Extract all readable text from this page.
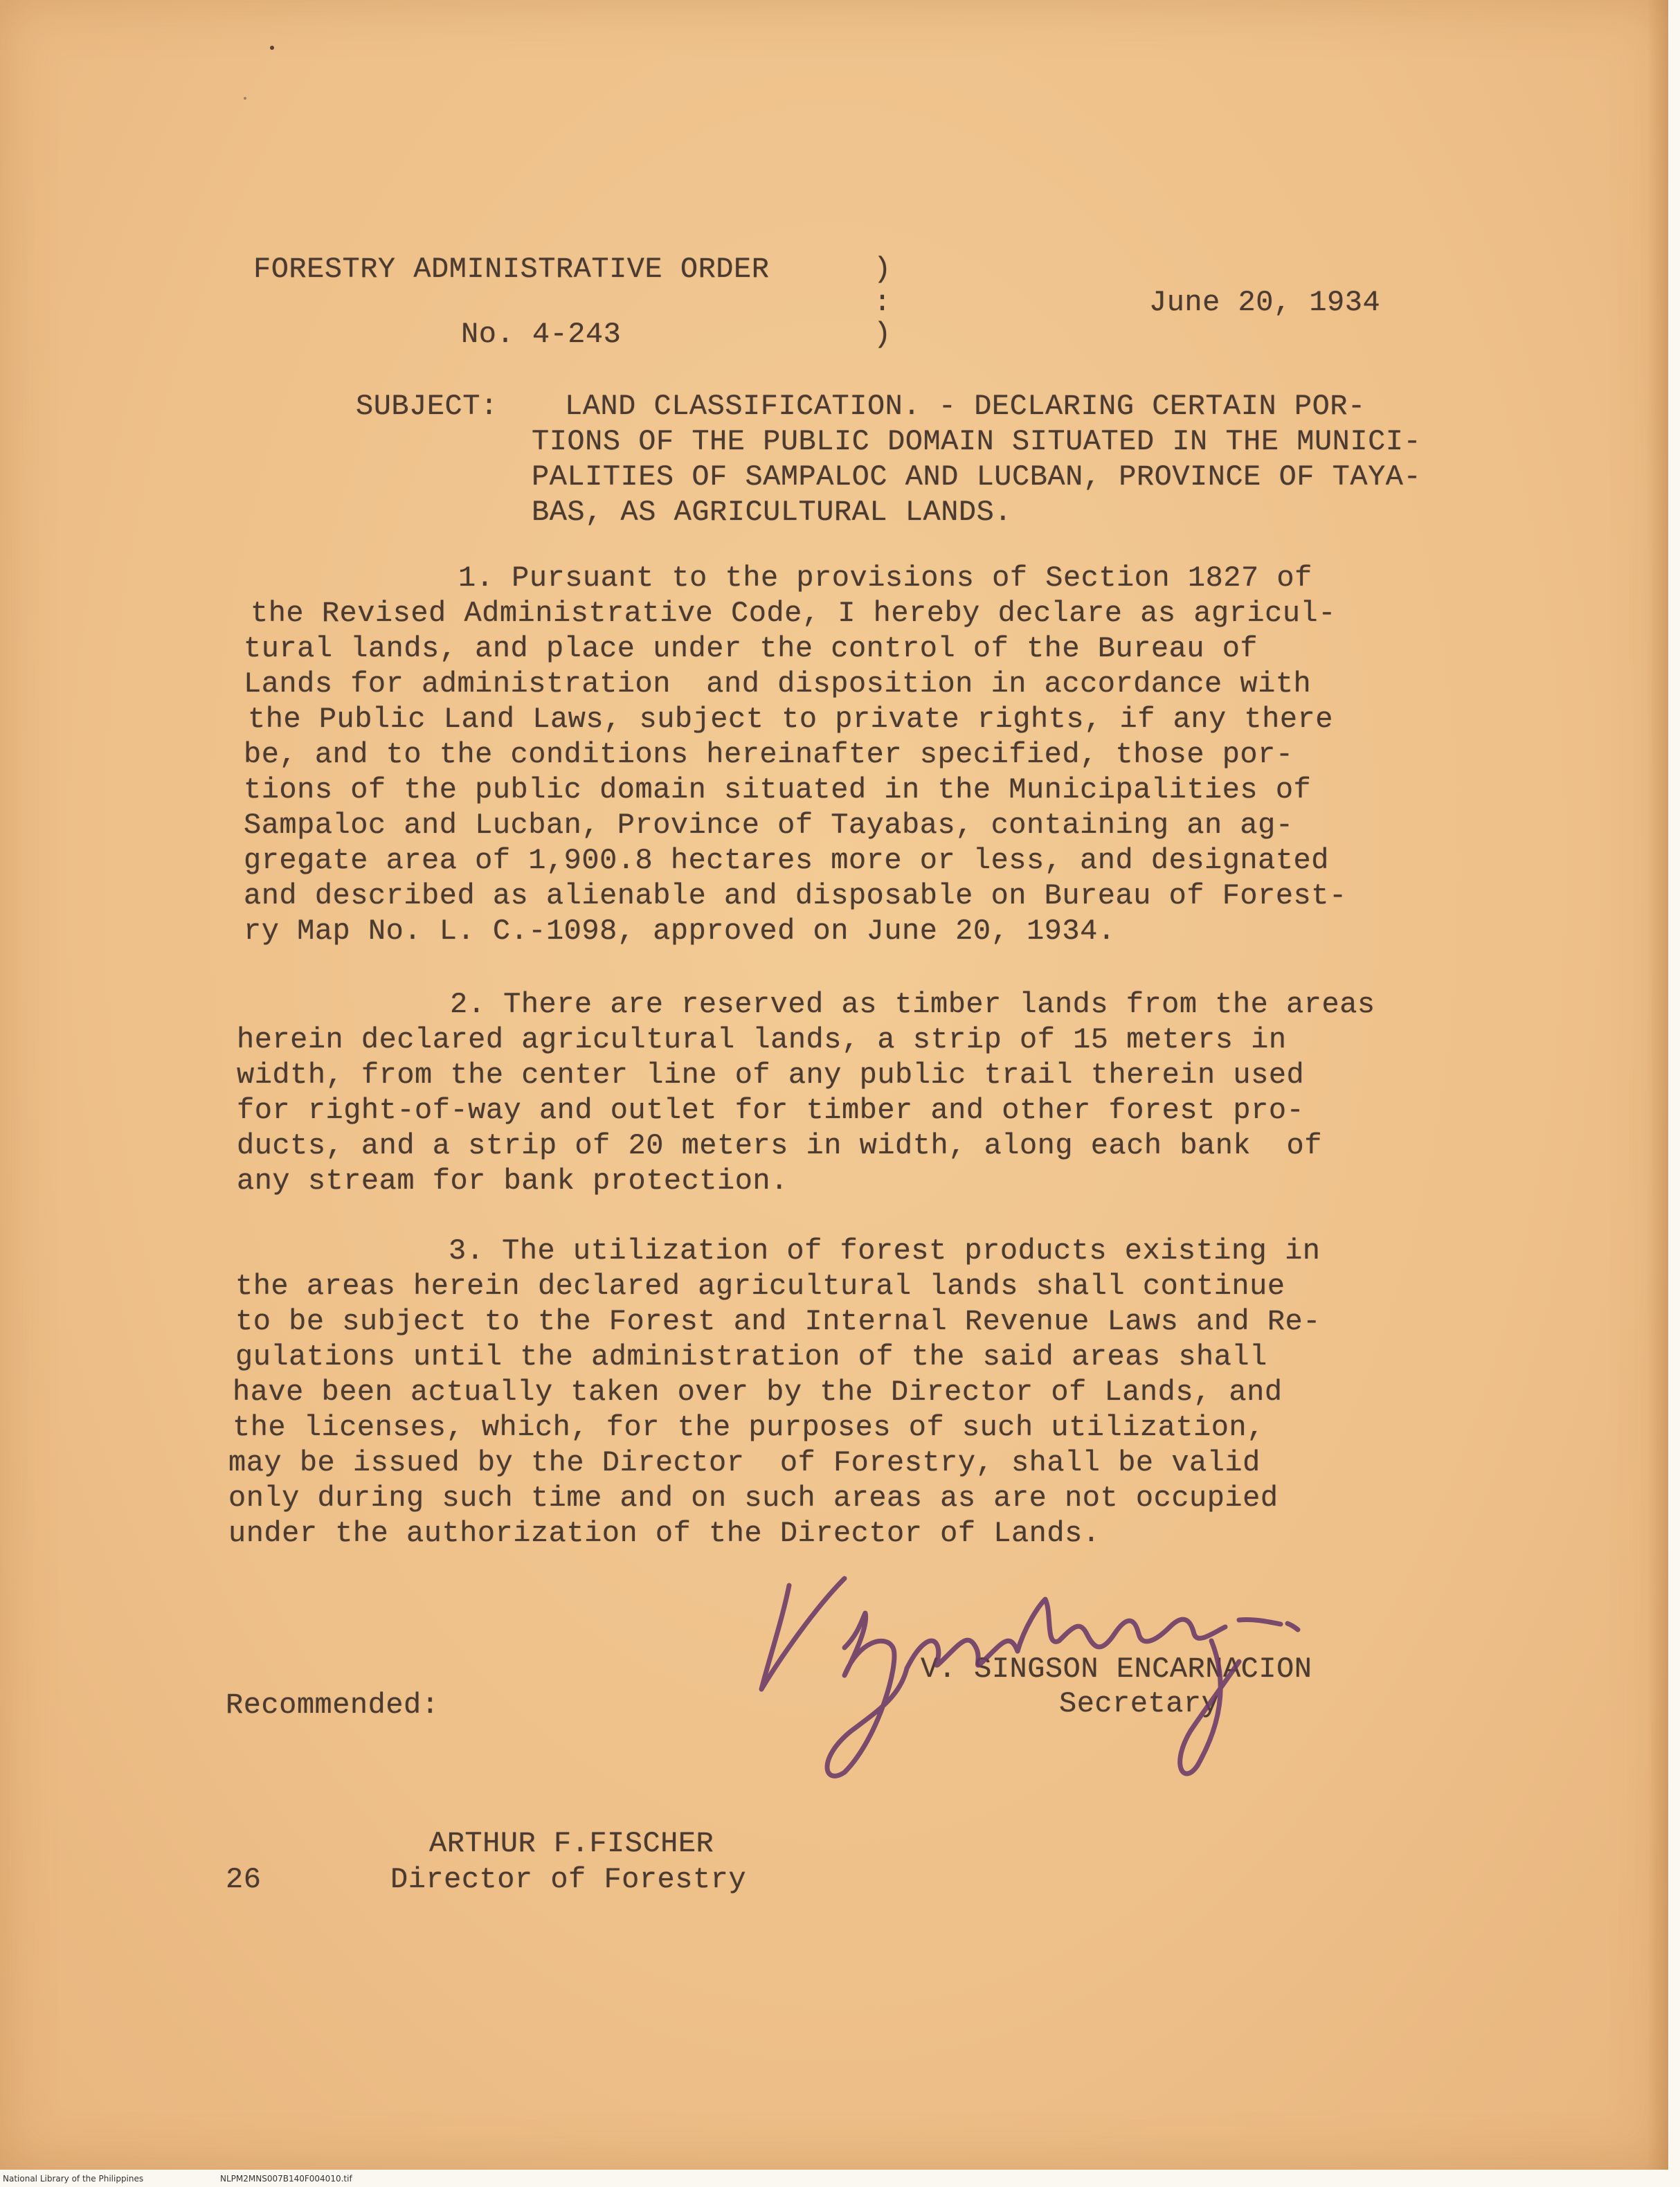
FORESTRY ADMINISTRATIVE ORDER	)
:	June 20, 1934
No. 4-243	)
SUBJECT:

LAND CLASSIFICATION. - DECLARING CERTAIN POR-

TIONS OF THE PUBLIC DOMAIN SITUATED IN THE MUNICI-

PALITIES OF SAMPALOC AND LUCBAN, PROVINCE OF TAYA-

BAS, AS AGRICULTURAL LANDS.

1. Pursuant to the provisions of Section 1827 of

the Revised Administrative Code, I hereby declare as agricul-

tural lands, and place under the control of the Bureau of

Lands for administration  and disposition in accordance with

the Public Land Laws, subject to private rights, if any there

be, and to the conditions hereinafter specified, those por-

tions of the public domain situated in the Municipalities of

Sampaloc and Lucban, Province of Tayabas, containing an ag-

gregate area of 1,900.8 hectares more or less, and designated

and described as alienable and disposable on Bureau of Forest-

ry Map No. L. C.-1098, approved on June 20, 1934.

2. There are reserved as timber lands from the areas

herein declared agricultural lands, a strip of 15 meters in

width, from the center line of any public trail therein used

for right-of-way and outlet for timber and other forest pro-

ducts, and a strip of 20 meters in width, along each bank  of

any stream for bank protection.

3. The utilization of forest products existing in

the areas herein declared agricultural lands shall continue

to be subject to the Forest and Internal Revenue Laws and Re-

gulations until the administration of the said areas shall

have been actually taken over by the Director of Lands, and

the licenses, which, for the purposes of such utilization,

may be issued by the Director  of Forestry, shall be valid

only during such time and on such areas as are not occupied

under the authorization of the Director of Lands.

V. SINGSON ENCARNACION
Secretary
Recommended:
ARTHUR F.FISCHER
Director of Forestry
26
National Library of the Philippines	NLPM2MNS007B140F004010.tif
